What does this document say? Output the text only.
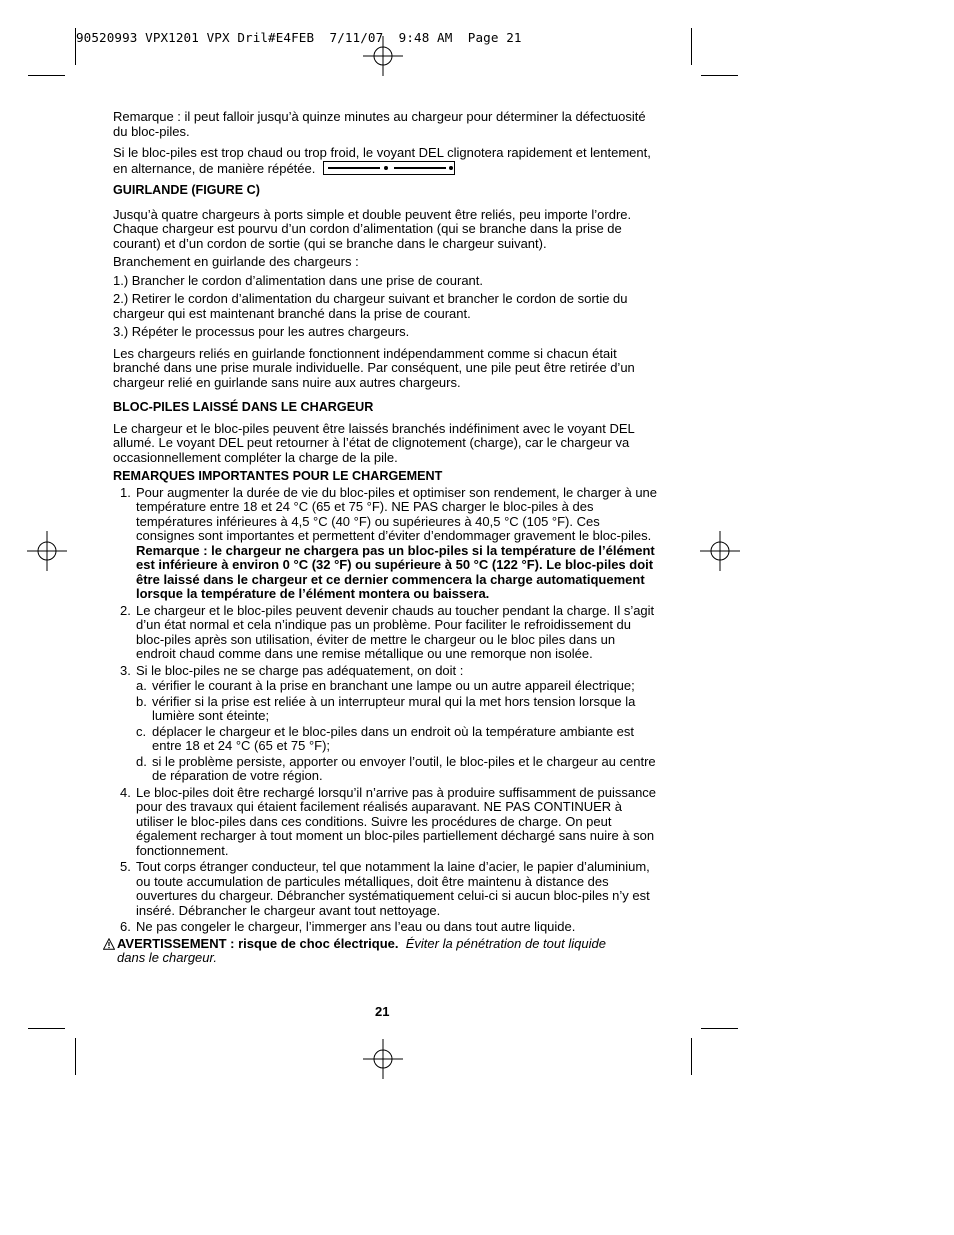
90520993 VPX1201 VPX Dril#E4FEB  7/11/07  9:48 AM  Page 21

Remarque : il peut falloir jusqu’à quinze minutes au chargeur pour déterminer la défectuosité du bloc-piles.

Si le bloc-piles est trop chaud ou trop froid, le voyant DEL clignotera rapidement et lentement, en alternance, de manière répétée.

GUIRLANDE (FIGURE C)

Jusqu’à quatre chargeurs à ports simple et double peuvent être reliés, peu importe l’ordre. Chaque chargeur est pourvu d’un cordon d’alimentation (qui se branche dans la prise de courant) et d’un cordon de sortie (qui se branche dans le chargeur suivant).

Branchement en guirlande des chargeurs :

1.) Brancher le cordon d’alimentation dans une prise de courant.

2.) Retirer le cordon d’alimentation du chargeur suivant et brancher le cordon de sortie du chargeur qui est maintenant branché dans la prise de courant.

3.) Répéter le processus pour les autres chargeurs.

Les chargeurs reliés en guirlande fonctionnent indépendamment comme si chacun était branché dans une prise murale individuelle. Par conséquent, une pile peut être retirée d’un chargeur relié en guirlande sans nuire aux autres chargeurs.

BLOC-PILES LAISSÉ DANS LE CHARGEUR

Le chargeur et le bloc-piles peuvent être laissés branchés indéfiniment avec le voyant DEL allumé. Le voyant DEL peut retourner à l’état de clignotement (charge), car le chargeur va occasionnellement compléter la charge de la pile.

REMARQUES IMPORTANTES POUR LE CHARGEMENT

1. Pour augmenter la durée de vie du bloc-piles et optimiser son rendement, le charger à une température entre 18 et 24 °C (65 et 75 °F). NE PAS charger le bloc-piles à des températures inférieures à 4,5 °C (40 °F) ou supérieures à 40,5 °C (105 °F). Ces consignes sont importantes et permettent d’éviter d’endommager gravement le bloc-piles.

Remarque : le chargeur ne chargera pas un bloc-piles si la température de l’élément est inférieure à environ 0 °C (32 °F) ou supérieure à 50 °C (122 °F). Le bloc-piles doit être laissé dans le chargeur et ce dernier commencera la charge automatiquement lorsque la température de l’élément montera ou baissera.

2. Le chargeur et le bloc-piles peuvent devenir chauds au toucher pendant la charge. Il s’agit d’un état normal et cela n’indique pas un problème. Pour faciliter le refroidissement du bloc-piles après son utilisation, éviter de mettre le chargeur ou le bloc piles dans un endroit chaud comme dans une remise métallique ou une remorque non isolée.

3. Si le bloc-piles ne se charge pas adéquatement, on doit :

a. vérifier le courant à la prise en branchant une lampe ou un autre appareil électrique;

b. vérifier si la prise est reliée à un interrupteur mural qui la met hors tension lorsque la lumière sont éteinte;

c. déplacer le chargeur et le bloc-piles dans un endroit où la température ambiante est entre 18 et 24 °C (65 et 75 °F);

d. si le problème persiste, apporter ou envoyer l’outil, le bloc-piles et le chargeur au centre de réparation de votre région.

4. Le bloc-piles doit être rechargé lorsqu’il n’arrive pas à produire suffisamment de puissance pour des travaux qui étaient facilement réalisés auparavant. NE PAS CONTINUER à utiliser le bloc-piles dans ces conditions. Suivre les procédures de charge. On peut également recharger à tout moment un bloc-piles partiellement déchargé sans nuire à son fonctionnement.

5. Tout corps étranger conducteur, tel que notamment la laine d’acier, le papier d’aluminium, ou toute accumulation de particules métalliques, doit être maintenu à distance des ouvertures du chargeur. Débrancher systématiquement celui-ci si aucun bloc-piles n’y est inséré. Débrancher le chargeur avant tout nettoyage.

6. Ne pas congeler le chargeur, l’immerger ans l’eau ou dans tout autre liquide.

AVERTISSEMENT : risque de choc électrique. Éviter la pénétration de tout liquide

dans le chargeur.

21
